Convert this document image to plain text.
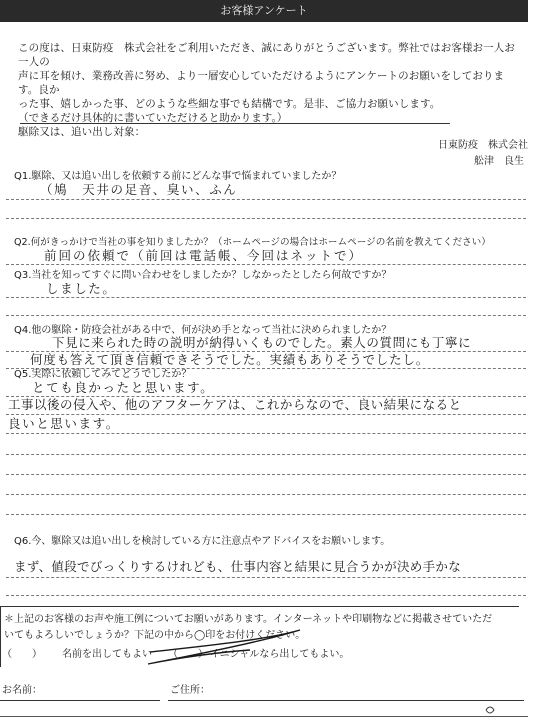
お客様アンケート

この度は、日東防疫　株式会社をご利用いただき、誠にありがとうございます。弊社ではお客様お一人お一人の

声に耳を傾け、業務改善に努め、より一層安心していただけるようにアンケートのお願いをしております。良か

った事、嬉しかった事、どのような些細な事でも結構です。是非、ご協力お願いします。

（できるだけ具体的に書いていただけると助かります。）

駆除又は、追い出し対象：

日東防疫　株式会社
舩津　良生
Q1.駆除、又は追い出しを依頼する前にどんな事で悩まれていましたか？
（鳩　天井の足音、臭い、ふん
Q2.何がきっかけで当社の事を知りましたか？（ホームページの場合はホームページの名前を教えてください）
前回の依頼で（前回は電話帳、今回はネットで）
Q3.当社を知ってすぐに問い合わせをしましたか？しなかったとしたら何故ですか？
しました。
Q4.他の駆除・防疫会社がある中で、何が決め手となって当社に決められましたか？
下見に来られた時の説明が納得いくものでした。素人の質問にも丁寧に
何度も答えて頂き信頼できそうでした。実績もありそうでしたし。
Q5.実際に依頼してみてどうでしたか？
とても良かったと思います。
工事以後の侵入や、他のアフターケアは、これからなので、良い結果になると
良いと思います。
Q6.今、駆除又は追い出しを検討している方に注意点やアドバイスをお願いします。
まず、値段でびっくりするけれども、仕事内容と結果に見合うかが決め手かな
＊上記のお客様のお声や施工例についてお願いがあります。インターネットや印刷物などに掲載させていただ
いてもよろしいでしょうか？下記の中から◯印をお付けください。
（　　） 名前を出してもよい （　　） イニシャルなら出してもよい。
お名前：	ご住所：
